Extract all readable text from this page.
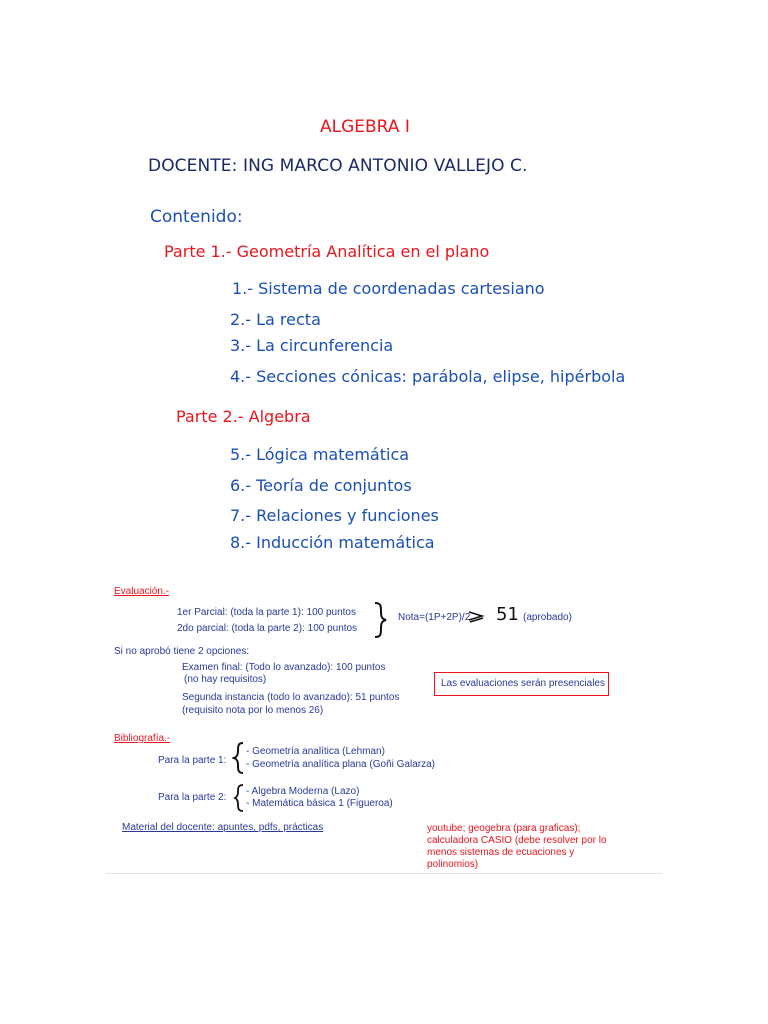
ALGEBRA I
DOCENTE: ING MARCO ANTONIO VALLEJO C.
Contenido:
Parte 1.- Geometría Analítica en el plano
1.- Sistema de coordenadas cartesiano
2.- La recta
3.- La circunferencia
4.- Secciones cónicas: parábola, elipse, hipérbola
Parte 2.- Algebra
5.- Lógica matemática
6.- Teoría de conjuntos
7.- Relaciones y funciones
8.- Inducción matemática
Evaluación.-
1er Parcial: (toda la parte 1): 100 puntos
2do parcial: (toda la parte 2): 100 puntos
Nota=(1P+2P)/2 51 (aprobado)
Si no aprobó tiene 2 opciones:
Examen final: (Todo lo avanzado): 100 puntos
(no hay requisitos)
Segunda instancia (todo lo avanzado): 51 puntos
(requisito nota por lo menos 26)
Las evaluaciones serán presenciales
Bibliografía.-
Para la parte 1:
- Geometría analítica (Lehman)
- Geometría analítica plana (Goñi Galarza)
Para la parte 2:
- Algebra Moderna (Lazo)
- Matemática básica 1 (Figueroa)
Material del docente: apuntes, pdfs, prácticas	youtube; geogebra (para graficas);
calculadora CASIO (debe resolver por lo
menos sistemas de ecuaciones y
polinomios)
